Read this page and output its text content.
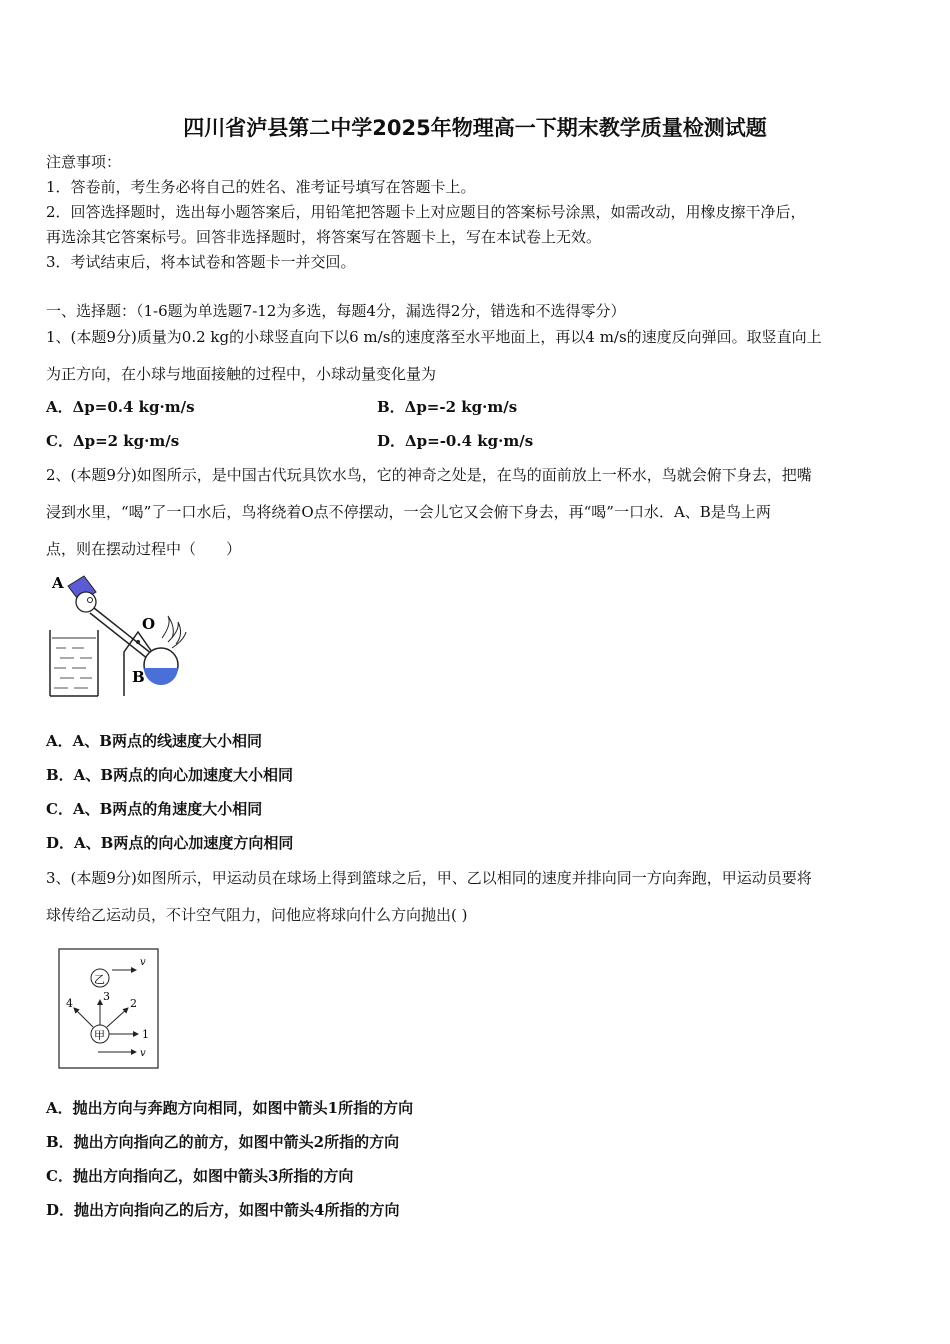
四川省泸县第二中学2025年物理高一下期末教学质量检测试题
注意事项：
1．答卷前，考生务必将自己的姓名、准考证号填写在答题卡上。
2．回答选择题时，选出每小题答案后，用铅笔把答题卡上对应题目的答案标号涂黑，如需改动，用橡皮擦干净后，
再选涂其它答案标号。回答非选择题时，将答案写在答题卡上，写在本试卷上无效。
3．考试结束后，将本试卷和答题卡一并交回。
一、选择题：（1-6题为单选题7-12为多选，每题4分，漏选得2分，错选和不选得零分）
1、(本题9分)质量为0.2 kg的小球竖直向下以6 m/s的速度落至水平地面上，再以4 m/s的速度反向弹回。取竖直向上
为正方向，在小球与地面接触的过程中，小球动量变化量为
A．Δp=0.4 kg·m/s	B．Δp=-2 kg·m/s
C．Δp=2 kg·m/s	D．Δp=-0.4 kg·m/s
2、(本题9分)如图所示，是中国古代玩具饮水鸟，它的神奇之处是，在鸟的面前放上一杯水，鸟就会俯下身去，把嘴
浸到水里，“喝”了一口水后，鸟将绕着O点不停摆动，一会儿它又会俯下身去，再“喝”一口水．A、B是鸟上两
点，则在摆动过程中（　　）
A
O
B
A．A、B两点的线速度大小相同
B．A、B两点的向心加速度大小相同
C．A、B两点的角速度大小相同
D．A、B两点的向心加速度方向相同
3、(本题9分)如图所示，甲运动员在球场上得到篮球之后，甲、乙以相同的速度并排向同一方向奔跑，甲运动员要将
球传给乙运动员，不计空气阻力，问他应将球向什么方向抛出( )
乙
v
甲	1
2
3
4
v
A．抛出方向与奔跑方向相同，如图中箭头1所指的方向
B．抛出方向指向乙的前方，如图中箭头2所指的方向
C．抛出方向指向乙，如图中箭头3所指的方向
D．抛出方向指向乙的后方，如图中箭头4所指的方向
